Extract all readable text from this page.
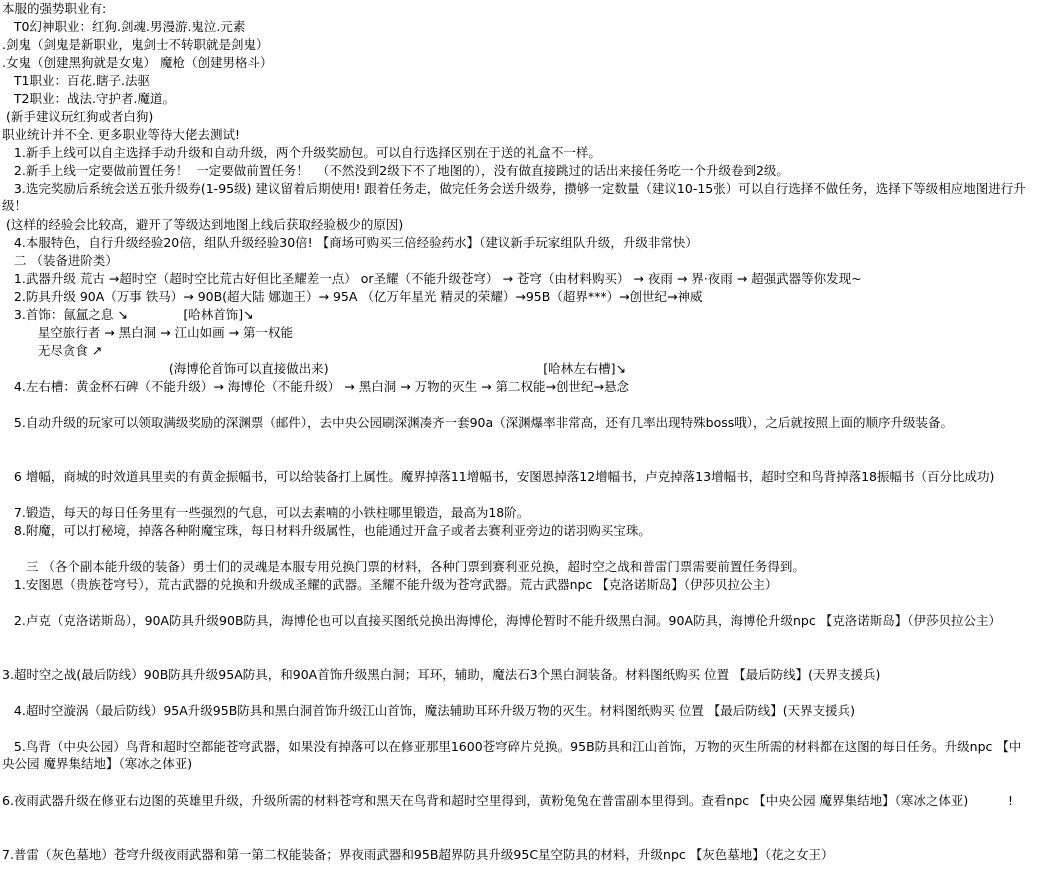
本服的强势职业有:
T0幻神职业：红狗.剑魂.男漫游.鬼泣.元素
.剑鬼（剑鬼是新职业，鬼剑士不转职就是剑鬼）
.女鬼（创建黑狗就是女鬼） 魔枪（创建男格斗）
T1职业：百花.瞎子.法驱
T2职业：战法.守护者.魔道。
(新手建议玩红狗或者白狗)
职业统计并不全. 更多职业等待大佬去测试!
1.新手上线可以自主选择手动升级和自动升级，两个升级奖励包。可以自行选择区别在于送的礼盒不一样。
2.新手上线一定要做前置任务！  一定要做前置任务！  （不然没到2级下不了地图的），没有做直接跳过的话出来接任务吃一个升级卷到2级。
3.选完奖励后系统会送五张升级券(1-95级) 建议留着后期使用! 跟着任务走，做完任务会送升级券，攒够一定数量（建议10-15张）可以自行选择不做任务，选择下等级相应地图进行升级！
(这样的经验会比较高，避开了等级达到地图上线后获取经验极少的原因)
4.本服特色，自行升级经验20倍，组队升级经验30倍! 【商场可购买三倍经验药水】（建议新手玩家组队升级，升级非常快）
二 （装备进阶类）
1.武器升级 荒古 →超时空（超时空比荒古好但比圣耀差一点） or圣耀（不能升级苍穹） → 苍穹（由材料购买） → 夜雨 → 界·夜雨 → 超强武器等你发现~
2.防具升级 90A（万事 铁马）→ 90B(超大陆 娜迦王）→ 95A （亿万年星光 精灵的荣耀）→95B（超界***）→创世纪→神威
3.首饰：氤氲之息 ↘              [哈林首饰]↘
星空旅行者 → 黑白洞 → 江山如画 → 第一权能
无尽贪食 ↗
(海博伦首饰可以直接做出来)                                                      [哈林左右槽]↘
4.左右槽：黄金杯石碑（不能升级）→ 海博伦（不能升级） → 黑白洞 → 万物的灭生 → 第二权能→创世纪→悬念
5.自动升级的玩家可以领取满级奖励的深渊票（邮件），去中央公园刷深渊凑齐一套90a（深渊爆率非常高，还有几率出现特殊boss哦），之后就按照上面的顺序升级装备。
6 增幅，商城的时效道具里卖的有黄金振幅书，可以给装备打上属性。魔界掉落11增幅书，安图恩掉落12增幅书，卢克掉落13增幅书，超时空和鸟背掉落18振幅书（百分比成功)
7.锻造，每天的每日任务里有一些强烈的气息，可以去素喃的小铁柱哪里锻造，最高为18阶。
8.附魔，可以打秘境，掉落各种附魔宝珠，每日材料升级属性，也能通过开盒子或者去赛利亚旁边的诺羽购买宝珠。
三 （各个副本能升级的装备）勇士们的灵魂是本服专用兑换门票的材料，各种门票到赛利亚兑换，超时空之战和普雷门票需要前置任务得到。
1.安图恩（贵族苍穹号），荒古武器的兑换和升级成圣耀的武器。圣耀不能升级为苍穹武器。荒古武器npc 【克洛诺斯岛】（伊莎贝拉公主）
2.卢克（克洛诺斯岛），90A防具升级90B防具，海博伦也可以直接买图纸兑换出海博伦，海博伦暂时不能升级黑白洞。90A防具，海博伦升级npc 【克洛诺斯岛】（伊莎贝拉公主）
3.超时空之战(最后防线）90B防具升级95A防具，和90A首饰升级黑白洞；耳环，辅助，魔法石3个黑白洞装备。材料图纸购买 位置 【最后防线】(天界支援兵)
4.超时空漩涡（最后防线）95A升级95B防具和黑白洞首饰升级江山首饰，魔法辅助耳环升级万物的灭生。材料图纸购买 位置 【最后防线】(天界支援兵)
5.鸟背（中央公园）鸟背和超时空都能苍穹武器，如果没有掉落可以在修亚那里1600苍穹碎片兑换。95B防具和江山首饰，万物的灭生所需的材料都在这图的每日任务。升级npc 【中央公园 魔界集结地】（寒冰之体亚)
6.夜雨武器升级在修亚右边图的英雄里升级，升级所需的材料苍穹和黑天在鸟背和超时空里得到，黄粉兔兔在普雷副本里得到。查看npc 【中央公园 魔界集结地】（寒冰之体亚)          !
7.普雷（灰色墓地）苍穹升级夜雨武器和第一第二权能装备；界夜雨武器和95B超界防具升级95C星空防具的材料，升级npc 【灰色墓地】（花之女王）
